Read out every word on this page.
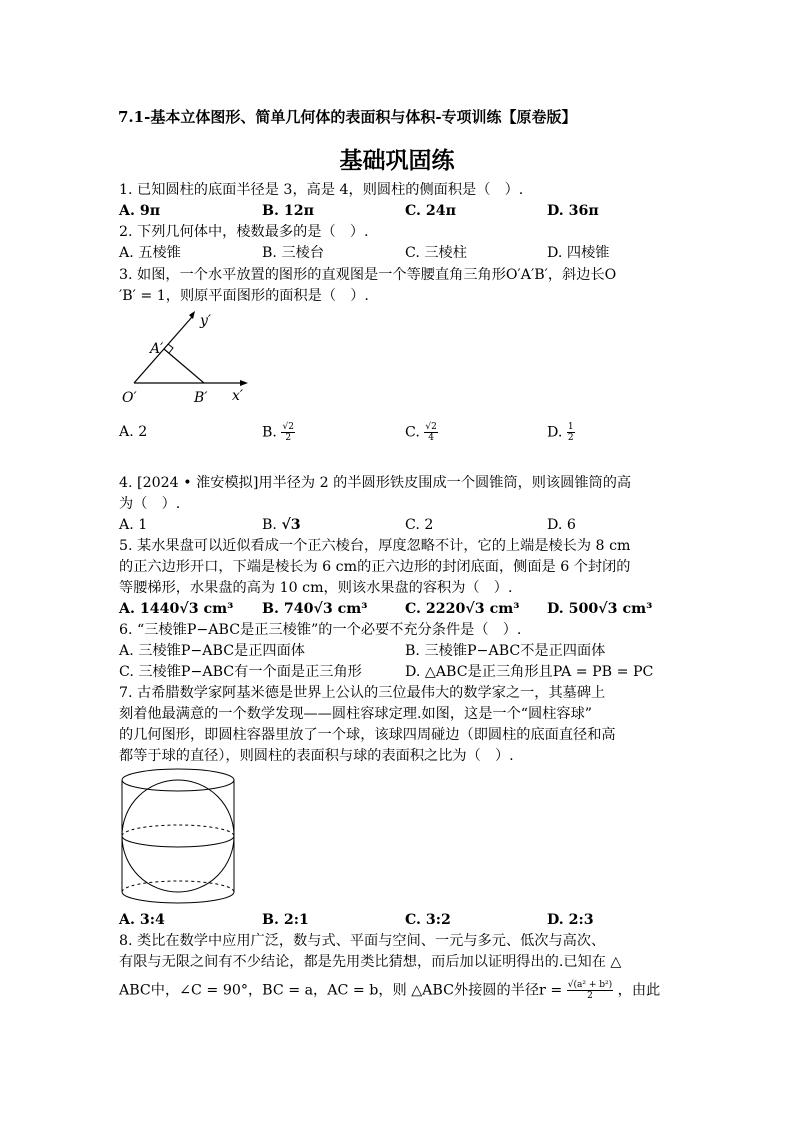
7.1-基本立体图形、简单几何体的表面积与体积-专项训练【原卷版】
基础巩固练
1. 已知圆柱的底面半径是 3，高是 4，则圆柱的侧面积是（　）.
A. 9π	B. 12π	C. 24π	D. 36π
2. 下列几何体中，棱数最多的是（　）.
A. 五棱锥	B. 三棱台	C. 三棱柱	D. 四棱锥
3. 如图，一个水平放置的图形的直观图是一个等腰直角三角形O′A′B′，斜边长O
′B′ = 1，则原平面图形的面积是（　）.
y′
x′
O′
A′
B′
A. 2	B. $\frac{√2}{2}$	C. $\frac{√2}{4}$	D. $\frac{1}{2}$
4. [2024 • 淮安模拟]用半径为 2 的半圆形铁皮围成一个圆锥筒，则该圆锥筒的高
为（　）.
A. 1	B. √3	C. 2	D. 6
5. 某水果盘可以近似看成一个正六棱台，厚度忽略不计，它的上端是棱长为 8 cm
的正六边形开口，下端是棱长为 6 cm的正六边形的封闭底面，侧面是 6 个封闭的
等腰梯形，水果盘的高为 10 cm，则该水果盘的容积为（　）.
A. 1440√3 cm³ B. 740√3 cm³	C. 2220√3 cm³ D. 500√3 cm³
6. “三棱锥P−ABC是正三棱锥”的一个必要不充分条件是（　）.
A. 三棱锥P−ABC是正四面体	B. 三棱锥P−ABC不是正四面体
C. 三棱锥P−ABC有一个面是正三角形	D. △ABC是正三角形且PA = PB = PC
7. 古希腊数学家阿基米德是世界上公认的三位最伟大的数学家之一，其墓碑上
刻着他最满意的一个数学发现——圆柱容球定理.如图，这是一个“圆柱容球”
的几何图形，即圆柱容器里放了一个球，该球四周碰边（即圆柱的底面直径和高
都等于球的直径），则圆柱的表面积与球的表面积之比为（　）.
A. 3:4	B. 2:1	C. 3:2	D. 2:3
8. 类比在数学中应用广泛，数与式、平面与空间、一元与多元、低次与高次、
有限与无限之间有不少结论，都是先用类比猜想，而后加以证明得出的.已知在 △
ABC中，∠C = 90°，BC = a，AC = b，则 △ABC外接圆的半径$r = \frac{\text{√(a² + b²)}}{2}$ ，由此
